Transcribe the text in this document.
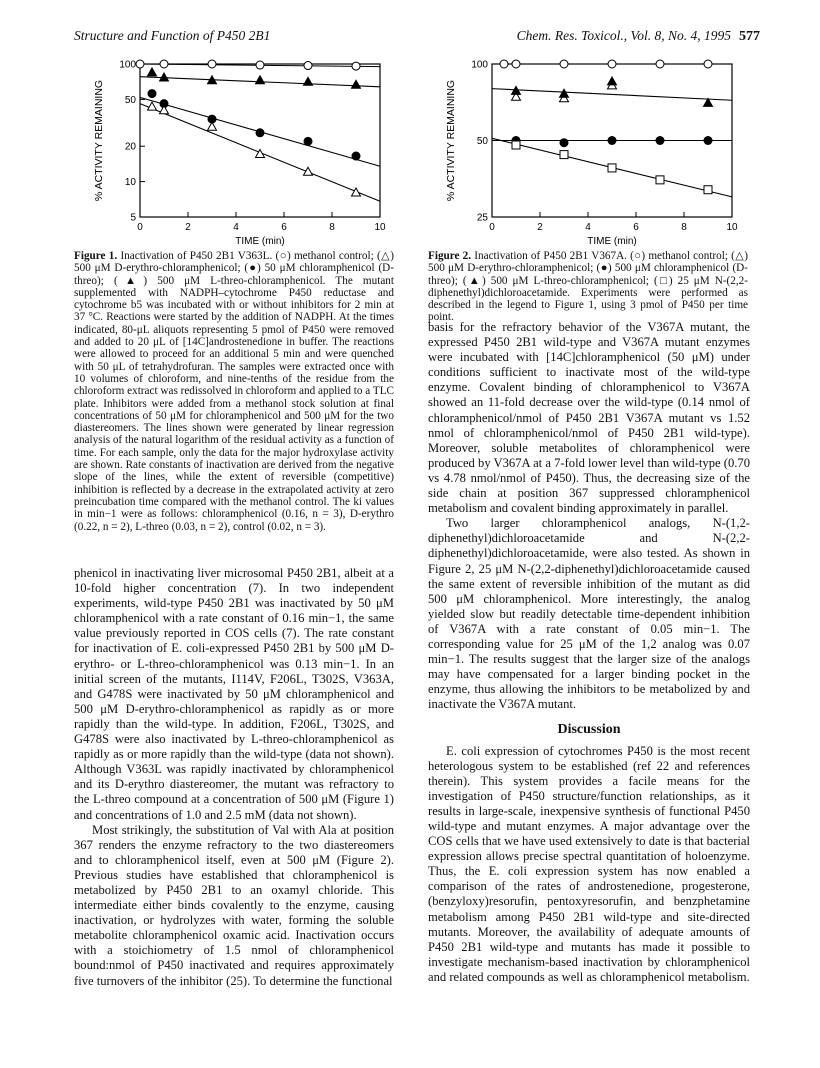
Structure and Function of P450 2B1	Chem. Res. Toxicol., Vol. 8, No. 4, 1995 577
0	2	4	6	8	10
5
10
20
50
100
TIME (min)
% ACTIVITY REMAINING
0	2	4	6	8	10
25
50
100
TIME (min)
% ACTIVITY REMAINING
Figure 1. Inactivation of P450 2B1 V363L. (○) methanol control; (△) 500 μM D-erythro-chloramphenicol; (●) 50 μM chloramphenicol (D-threo); (▲) 500 μM L-threo-chloramphenicol. The mutant supplemented with NADPH–cytochrome P450 reductase and cytochrome b5 was incubated with or without inhibitors for 2 min at 37 °C. Reactions were started by the addition of NADPH. At the times indicated, 80-μL aliquots representing 5 pmol of P450 were removed and added to 20 μL of [14C]androstenedione in buffer. The reactions were allowed to proceed for an additional 5 min and were quenched with 50 μL of tetrahydrofuran. The samples were extracted once with 10 volumes of chloroform, and nine-tenths of the residue from the chloroform extract was redissolved in chloroform and applied to a TLC plate. Inhibitors were added from a methanol stock solution at final concentrations of 50 μM for chloramphenicol and 500 μM for the two diastereomers. The lines shown were generated by linear regression analysis of the natural logarithm of the residual activity as a function of time. For each sample, only the data for the major hydroxylase activity are shown. Rate constants of inactivation are derived from the negative slope of the lines, while the extent of reversible (competitive) inhibition is reflected by a decrease in the extrapolated activity at zero preincubation time compared with the methanol control. The ki values in min−1 were as follows: chloramphenicol (0.16, n = 3), D-erythro (0.22, n = 2), L-threo (0.03, n = 2), control (0.02, n = 3).
Figure 2. Inactivation of P450 2B1 V367A. (○) methanol control; (△) 500 μM D-erythro-chloramphenicol; (●) 500 μM chloramphenicol (D-threo); (▲) 500 μM L-threo-chloramphenicol; (□) 25 μM N-(2,2-diphenethyl)dichloroacetamide. Experiments were performed as described in the legend to Figure 1, using 3 pmol of P450 per time point.

phenicol in inactivating liver microsomal P450 2B1, albeit at a 10-fold higher concentration (7). In two independent experiments, wild-type P450 2B1 was inactivated by 50 μM chloramphenicol with a rate constant of 0.16 min−1, the same value previously reported in COS cells (7). The rate constant for inactivation of E. coli-expressed P450 2B1 by 500 μM D-erythro- or L-threo-chloramphenicol was 0.13 min−1. In an initial screen of the mutants, I114V, F206L, T302S, V363A, and G478S were inactivated by 50 μM chloramphenicol and 500 μM D-erythro-chloramphenicol as rapidly as or more rapidly than the wild-type. In addition, F206L, T302S, and G478S were also inactivated by L-threo-chloramphenicol as rapidly as or more rapidly than the wild-type (data not shown). Although V363L was rapidly inactivated by chloramphenicol and its D-erythro diastereomer, the mutant was refractory to the L-threo compound at a concentration of 500 μM (Figure 1) and concentrations of 1.0 and 2.5 mM (data not shown).

Most strikingly, the substitution of Val with Ala at position 367 renders the enzyme refractory to the two diastereomers and to chloramphenicol itself, even at 500 μM (Figure 2). Previous studies have established that chloramphenicol is metabolized by P450 2B1 to an oxamyl chloride. This intermediate either binds covalently to the enzyme, causing inactivation, or hydrolyzes with water, forming the soluble metabolite chloramphenicol oxamic acid. Inactivation occurs with a stoichiometry of 1.5 nmol of chloramphenicol bound:nmol of P450 inactivated and requires approximately five turnovers of the inhibitor (25). To determine the functional

basis for the refractory behavior of the V367A mutant, the expressed P450 2B1 wild-type and V367A mutant enzymes were incubated with [14C]chloramphenicol (50 μM) under conditions sufficient to inactivate most of the wild-type enzyme. Covalent binding of chloramphenicol to V367A showed an 11-fold decrease over the wild-type (0.14 nmol of chloramphenicol/nmol of P450 2B1 V367A mutant vs 1.52 nmol of chloramphenicol/nmol of P450 2B1 wild-type). Moreover, soluble metabolites of chloramphenicol were produced by V367A at a 7-fold lower level than wild-type (0.70 vs 4.78 nmol/nmol of P450). Thus, the decreasing size of the side chain at position 367 suppressed chloramphenicol metabolism and covalent binding approximately in parallel.

Two larger chloramphenicol analogs, N-(1,2-diphenethyl)dichloroacetamide and N-(2,2-diphenethyl)dichloroacetamide, were also tested. As shown in Figure 2, 25 μM N-(2,2-diphenethyl)dichloroacetamide caused the same extent of reversible inhibition of the mutant as did 500 μM chloramphenicol. More interestingly, the analog yielded slow but readily detectable time-dependent inhibition of V367A with a rate constant of 0.05 min−1. The corresponding value for 25 μM of the 1,2 analog was 0.07 min−1. The results suggest that the larger size of the analogs may have compensated for a larger binding pocket in the enzyme, thus allowing the inhibitors to be metabolized by and inactivate the V367A mutant.

Discussion

E. coli expression of cytochromes P450 is the most recent heterologous system to be established (ref 22 and references therein). This system provides a facile means for the investigation of P450 structure/function relationships, as it results in large-scale, inexpensive synthesis of functional P450 wild-type and mutant enzymes. A major advantage over the COS cells that we have used extensively to date is that bacterial expression allows precise spectral quantitation of holoenzyme. Thus, the E. coli expression system has now enabled a comparison of the rates of androstenedione, progesterone, (benzyloxy)resorufin, pentoxyresorufin, and benzphetamine metabolism among P450 2B1 wild-type and site-directed mutants. Moreover, the availability of adequate amounts of P450 2B1 wild-type and mutants has made it possible to investigate mechanism-based inactivation by chloramphenicol and related compounds as well as chloramphenicol metabolism.
